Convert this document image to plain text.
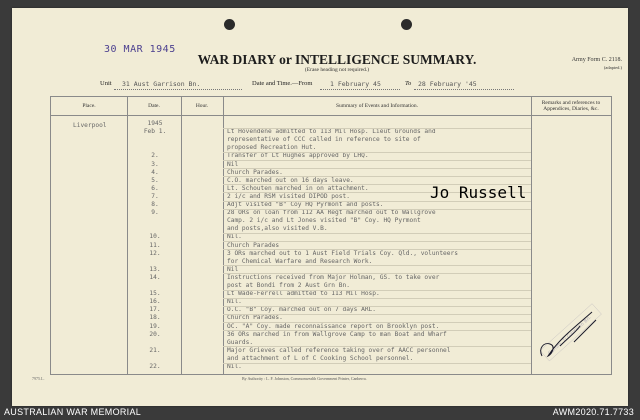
30 MAR 1945
WAR DIARY or INTELLIGENCE SUMMARY.
(Erase heading not required.)
Army Form C. 2118.
(adapted.)
Unit 31 Aust Garrison Bn.	Date and Time.—From	1 February 45	To 28 February '45
Place.	Date.	Hour.	Summary of Events and Information.	Remarks and references to Appendices, Diaries, &c.
Liverpool	1945
Feb 1.	Lt Hovendene admitted to 113 Mil Hosp. Lieut Grounds and
representative of CCC called in reference to site of
proposed Recreation Hut.
2.	Transfer of Lt Hughes approved by LHQ.
3.	Nil
4.	Church Parades.
5.	C.O. marched out on 16 days leave.
6.	Lt. Schouten marched in on attachment.
7.	2 i/c and RSM visited DIPOD post.
8.	Adjt visited "B" Coy HQ Pyrmont and posts.
9.	28 ORs on loan from 112 AA Regt marched out to Wallgrove
Camp. 2 i/c and Lt Jones visited "B" Coy. HQ Pyrmont
and posts,also visited V.B.
10.	Nil.
11.	Church Parades
12.	3 ORs marched out to 1 Aust Field Trials Coy. Qld., volunteers
for Chemical Warfare and Research Work.
13.	Nil
14.	Instructions received from Major Holman, GS. to take over
post at Bondi from 2 Aust Grn Bn.
15.	Lt Wade-Ferrell admitted to 113 Mil Hosp.
16.	Nil.
17.	O.C. "B" Coy. marched out on 7 days ARL.
18.	Church Parades.
19.	OC. "A" Coy. made reconnaissance report on Brooklyn post.
20.	36 ORs marched in from Wallgrove Camp to man Boat and Wharf
Guards.
21.	Major Grieves called reference taking over of AACC personnel
and attachment of L of C Cooking School personnel.
22.	Nil.
Comm. Ti Garrison Bn.
Jo Russell
7975.L.	By Authority : L. F. Johnston, Commonwealth Government Printer, Canberra.
AUSTRALIAN WAR MEMORIAL	AWM2020.71.7733
